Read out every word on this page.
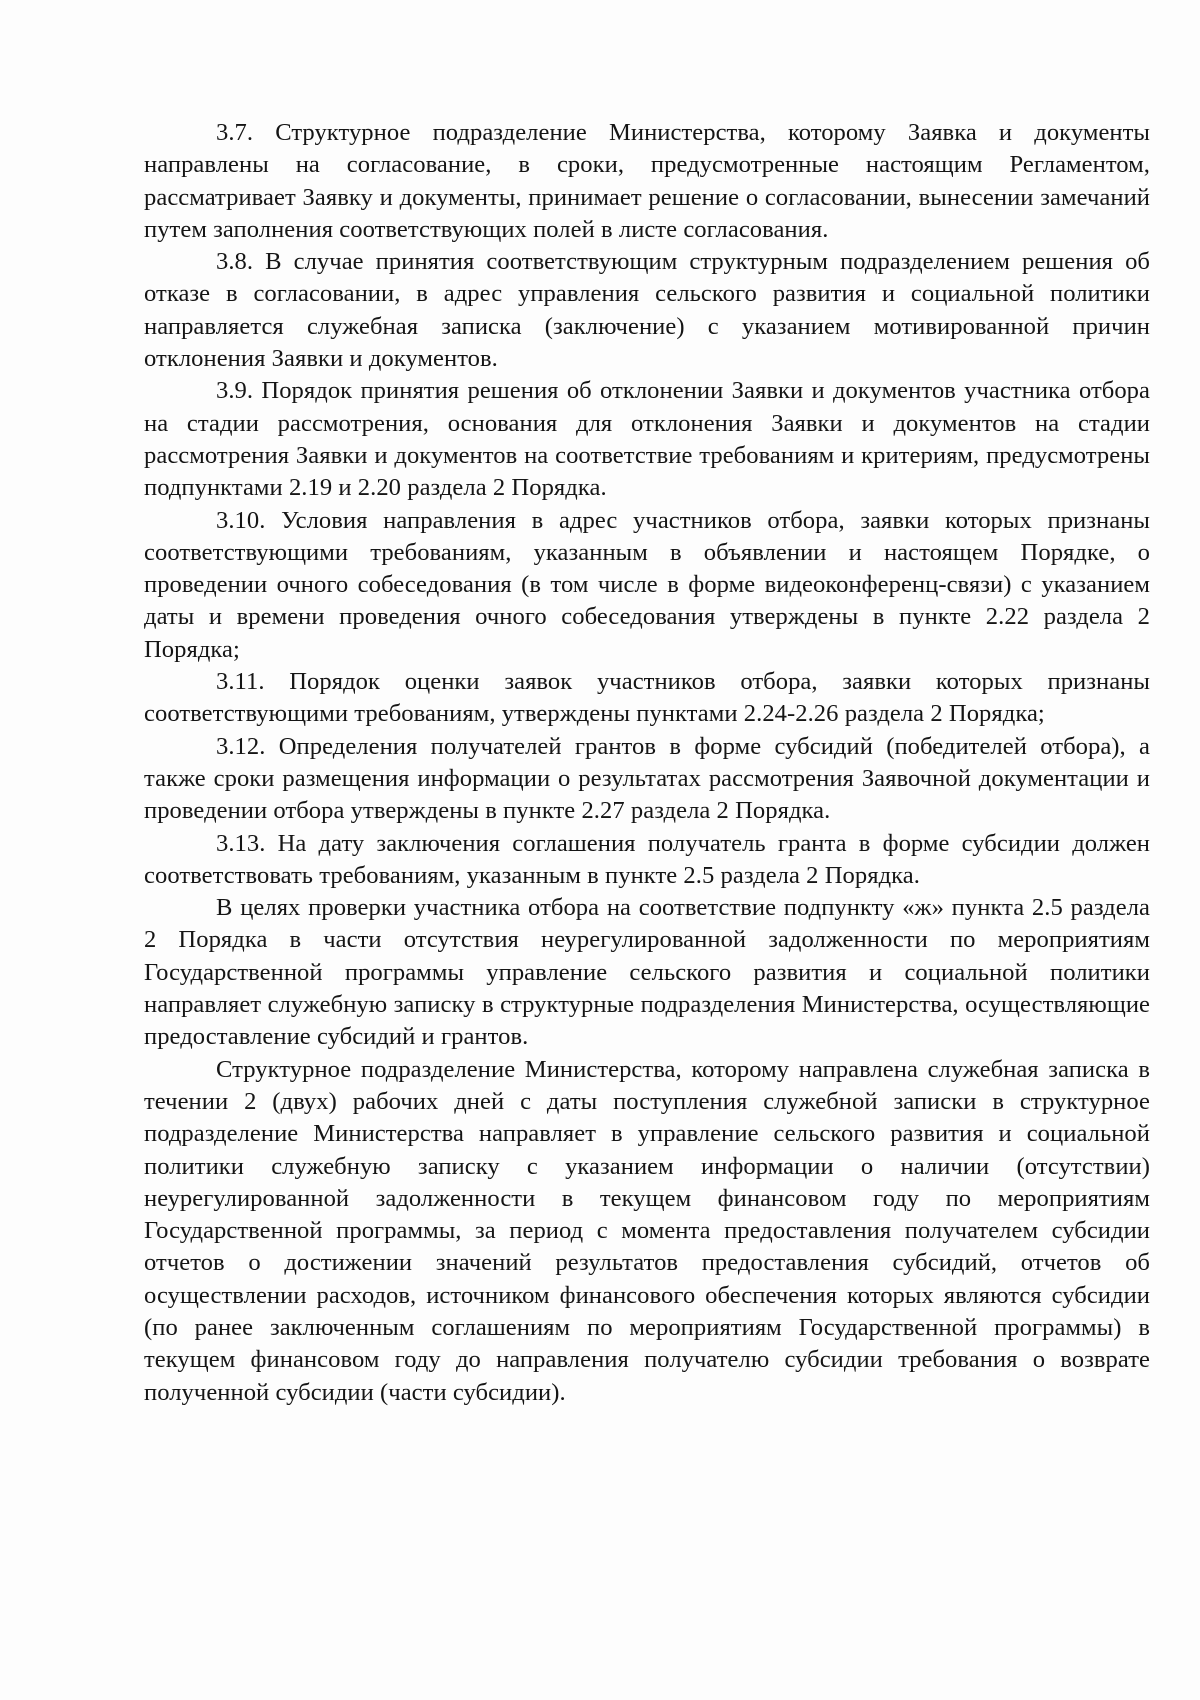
3.7. Структурное подразделение Министерства, которому Заявка и документы направлены на согласование, в сроки, предусмотренные настоящим Регламентом, рассматривает Заявку и документы, принимает решение о согласовании, вынесении замечаний путем заполнения соответствующих полей в листе согласования.

3.8. В случае принятия соответствующим структурным подразделением решения об отказе в согласовании, в адрес управления сельского развития и социальной политики направляется служебная записка (заключение) с указанием мотивированной причин отклонения Заявки и документов.

3.9. Порядок принятия решения об отклонении Заявки и документов участника отбора на стадии рассмотрения, основания для отклонения Заявки и документов на стадии рассмотрения Заявки и документов на соответствие требованиям и критериям, предусмотрены подпунктами 2.19 и 2.20 раздела 2 Порядка.

3.10. Условия направления в адрес участников отбора, заявки которых признаны соответствующими требованиям, указанным в объявлении и настоящем Порядке, о проведении очного собеседования (в том числе в форме видеоконференц-связи) с указанием даты и времени проведения очного собеседования утверждены в пункте 2.22 раздела 2 Порядка;

3.11. Порядок оценки заявок участников отбора, заявки которых признаны соответствующими требованиям, утверждены пунктами 2.24-2.26 раздела 2 Порядка;

3.12. Определения получателей грантов в форме субсидий (победителей отбора), а также сроки размещения информации о результатах рассмотрения Заявочной документации и проведении отбора утверждены в пункте 2.27 раздела 2 Порядка.

3.13. На дату заключения соглашения получатель гранта в форме субсидии должен соответствовать требованиям, указанным в пункте 2.5 раздела 2 Порядка.

В целях проверки участника отбора на соответствие подпункту «ж» пункта 2.5 раздела 2 Порядка в части отсутствия неурегулированной задолженности по мероприятиям Государственной программы управление сельского развития и социальной политики направляет служебную записку в структурные подразделения Министерства, осуществляющие предоставление субсидий и грантов.

Структурное подразделение Министерства, которому направлена служебная записка в течении 2 (двух) рабочих дней с даты поступления служебной записки в структурное подразделение Министерства направляет в управление сельского развития и социальной политики служебную записку с указанием информации о наличии (отсутствии) неурегулированной задолженности в текущем финансовом году по мероприятиям Государственной программы, за период с момента предоставления получателем субсидии отчетов о достижении значений результатов предоставления субсидий, отчетов об осуществлении расходов, источником финансового обеспечения которых являются субсидии (по ранее заключенным соглашениям по мероприятиям Государственной программы) в текущем финансовом году до направления получателю субсидии требования о возврате полученной субсидии (части субсидии).
